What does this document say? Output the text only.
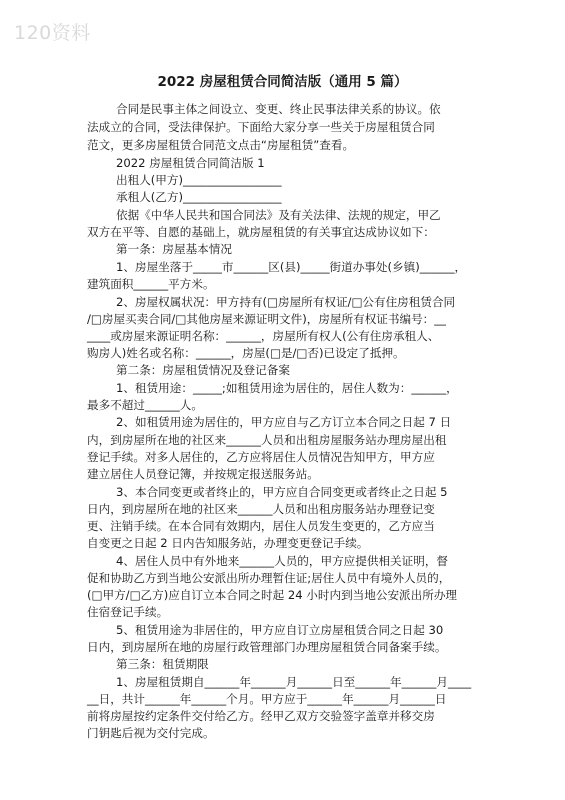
120资料
2022 房屋租赁合同简洁版（通用 5 篇）
合同是民事主体之间设立、变更、终止民事法律关系的协议。依
法成立的合同，受法律保护。下面给大家分享一些关于房屋租赁合同
范文，更多房屋租赁合同范文点击“房屋租赁”查看。
2022 房屋租赁合同简洁版 1
出租人(甲方)_________________
承租人(乙方)_________________
依据《中华人民共和国合同法》及有关法律、法规的规定，甲乙
双方在平等、自愿的基础上，就房屋租赁的有关事宜达成协议如下：
第一条：房屋基本情况
1、房屋坐落于_____市______区(县)_____街道办事处(乡镇)______，
建筑面积______平方米。
2、房屋权属状况：甲方持有(□房屋所有权证/□公有住房租赁合同
/□房屋买卖合同/□其他房屋来源证明文件)，房屋所有权证书编号：__
____或房屋来源证明名称：______，房屋所有权人(公有住房承租人、
购房人)姓名或名称：______，房屋(□是/□否)已设定了抵押。
第二条：房屋租赁情况及登记备案
1、租赁用途：_____;如租赁用途为居住的，居住人数为：______，
最多不超过______人。
2、如租赁用途为居住的，甲方应自与乙方订立本合同之日起 7 日
内，到房屋所在地的社区来______人员和出租房屋服务站办理房屋出租
登记手续。对多人居住的，乙方应将居住人员情况告知甲方，甲方应
建立居住人员登记簿，并按规定报送服务站。
3、本合同变更或者终止的，甲方应自合同变更或者终止之日起 5
日内，到房屋所在地的社区来______人员和出租房服务站办理登记变
更、注销手续。在本合同有效期内，居住人员发生变更的，乙方应当
自变更之日起 2 日内告知服务站，办理变更登记手续。
4、居住人员中有外地来______人员的，甲方应提供相关证明，督
促和协助乙方到当地公安派出所办理暂住证;居住人员中有境外人员的，
(□甲方/□乙方)应自订立本合同之时起 24 小时内到当地公安派出所办理
住宿登记手续。
5、租赁用途为非居住的，甲方应自订立房屋租赁合同之日起 30
日内，到房屋所在地的房屋行政管理部门办理房屋租赁合同备案手续。
第三条：租赁期限
1、房屋租赁期自______年______月______日至______年______月____
__日，共计______年______个月。甲方应于______年______月______日
前将房屋按约定条件交付给乙方。经甲乙双方交验签字盖章并移交房
门钥匙后视为交付完成。
